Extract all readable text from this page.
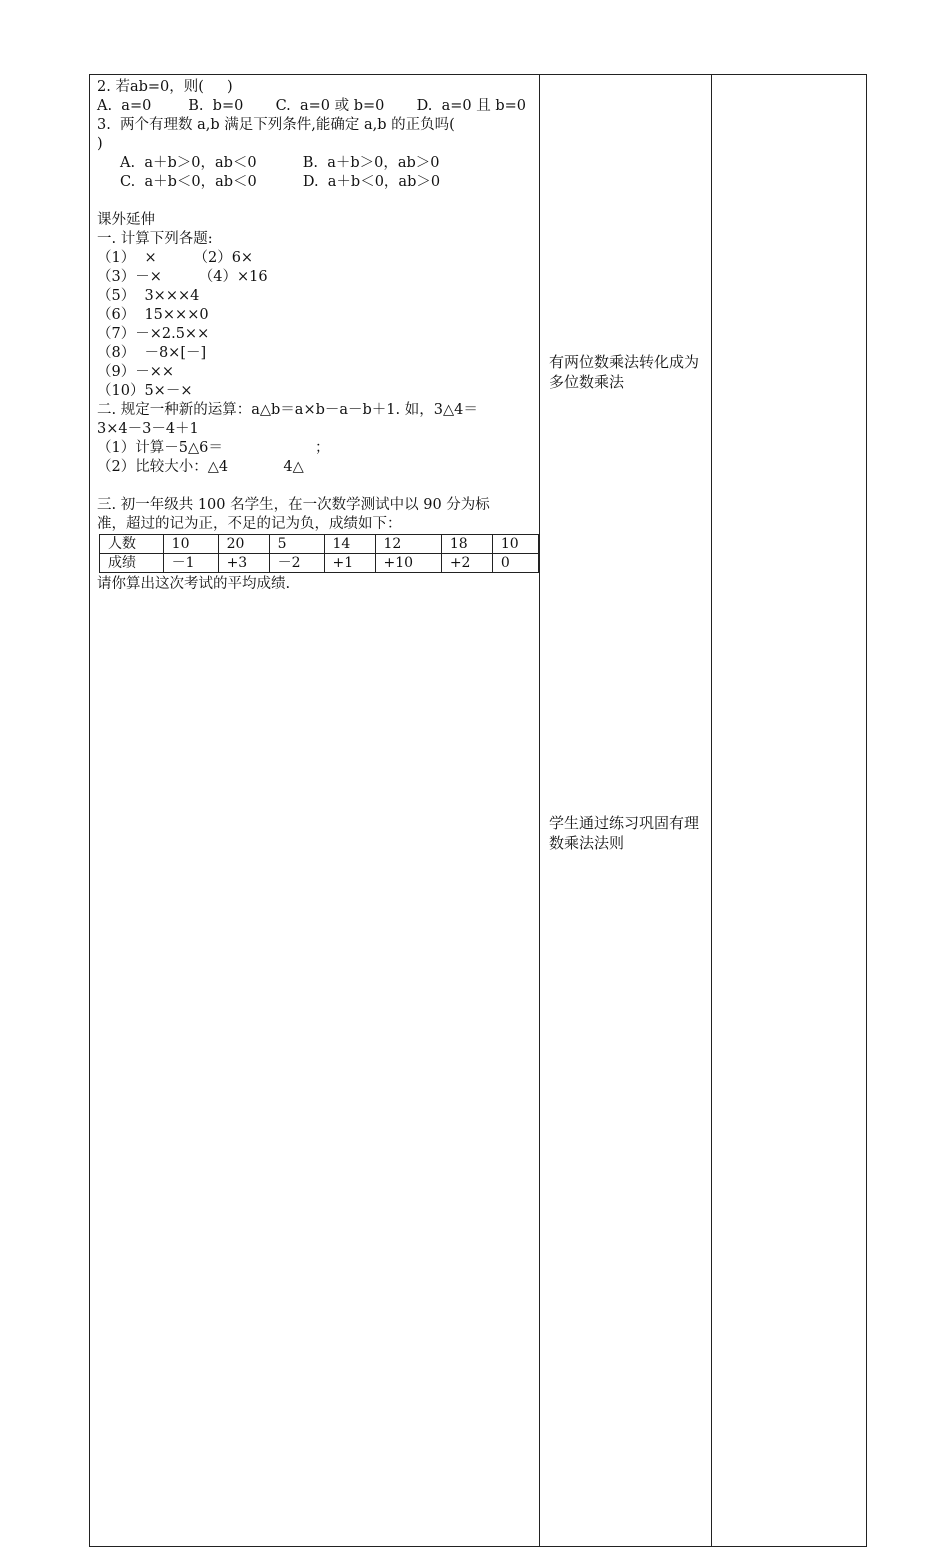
2. 若ab=0，则(     )
A.  a=0        B.  b=0       C.  a=0 或 b=0       D.  a=0 且 b=0
3.  两个有理数 a,b 满足下列条件,能确定 a,b 的正负吗(
)
A.  a＋b＞0，ab＜0          B.  a＋b＞0，ab＞0
C.  a＋b＜0，ab＜0          D.  a＋b＜0，ab＞0
课外延伸
一. 计算下列各题:
（1）  ×        （2）6×
（3）－×        （4）×16
（5）  3×××4
（6）  15×××0
（7）－×2.5××
（8）  －8×[－]
（9）－××
（10）5×－×
二. 规定一种新的运算：a△b＝a×b－a－b＋1. 如，3△4＝
3×4－3－4＋1
（1）计算－5△6＝                    ；
（2）比较大小：△4            4△
三. 初一年级共 100 名学生，在一次数学测试中以 90 分为标
准，超过的记为正，不足的记为负，成绩如下：
人数	10	20	5	14	12	18	10
成绩	－1	+3	－2	+1	+10	+2	0
请你算出这次考试的平均成绩.
有两位数乘法转化成为多位数乘法
学生通过练习巩固有理数乘法法则
